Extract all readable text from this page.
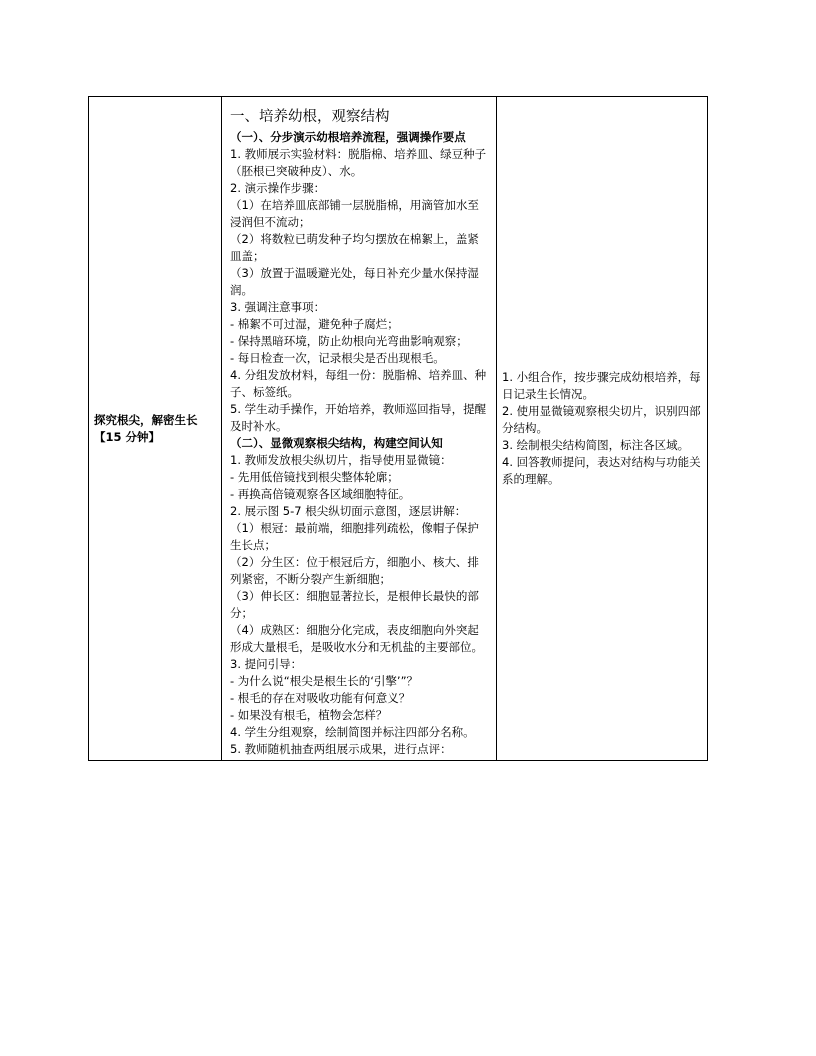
探究根尖，解密生长【15 分钟】

一、培养幼根，观察结构
（一）、分步演示幼根培养流程，强调操作要点
1. 教师展示实验材料：脱脂棉、培养皿、绿豆种子（胚根已突破种皮）、水。
2. 演示操作步骤：
（1）在培养皿底部铺一层脱脂棉，用滴管加水至浸润但不流动；
（2）将数粒已萌发种子均匀摆放在棉絮上，盖紧皿盖；
（3）放置于温暖避光处，每日补充少量水保持湿润。
3. 强调注意事项：
- 棉絮不可过湿，避免种子腐烂；
- 保持黑暗环境，防止幼根向光弯曲影响观察；
- 每日检查一次，记录根尖是否出现根毛。
4. 分组发放材料，每组一份：脱脂棉、培养皿、种子、标签纸。
5. 学生动手操作，开始培养，教师巡回指导，提醒及时补水。
（二）、显微观察根尖结构，构建空间认知
1. 教师发放根尖纵切片，指导使用显微镜：
- 先用低倍镜找到根尖整体轮廓；
- 再换高倍镜观察各区域细胞特征。
2. 展示图 5-7 根尖纵切面示意图，逐层讲解：
（1）根冠：最前端，细胞排列疏松，像帽子保护生长点；
（2）分生区：位于根冠后方，细胞小、核大、排列紧密，不断分裂产生新细胞；
（3）伸长区：细胞显著拉长，是根伸长最快的部分；
（4）成熟区：细胞分化完成，表皮细胞向外突起形成大量根毛，是吸收水分和无机盐的主要部位。
3. 提问引导：
- 为什么说“根尖是根生长的‘引擎’”？
- 根毛的存在对吸收功能有何意义？
- 如果没有根毛，植物会怎样？
4. 学生分组观察，绘制简图并标注四部分名称。
5. 教师随机抽查两组展示成果，进行点评：

1. 小组合作，按步骤完成幼根培养，每日记录生长情况。
2. 使用显微镜观察根尖切片，识别四部分结构。
3. 绘制根尖结构简图，标注各区域。
4. 回答教师提问，表达对结构与功能关系的理解。
